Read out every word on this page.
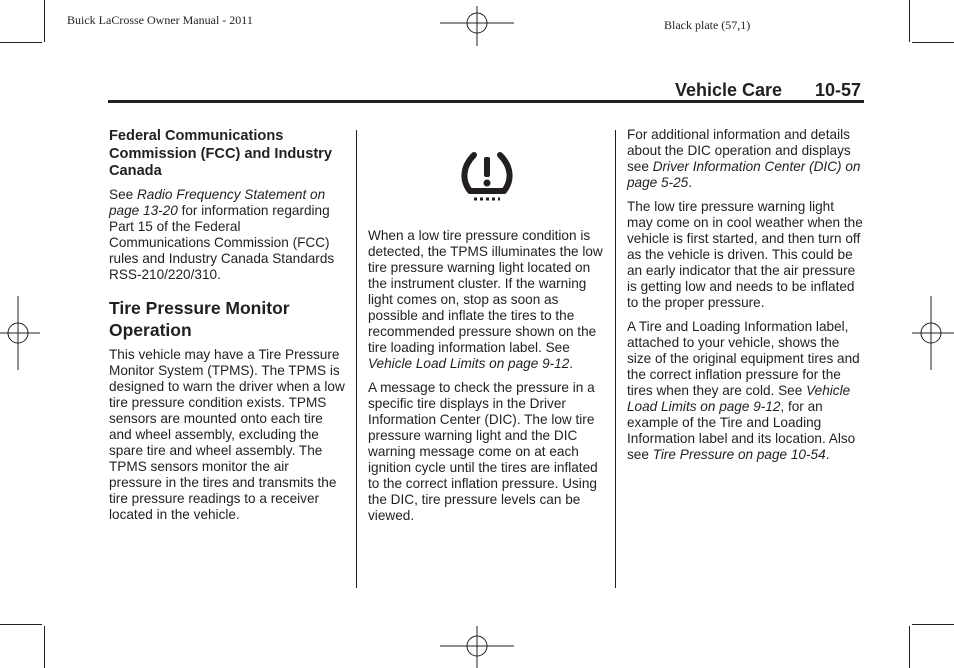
Buick LaCrosse Owner Manual - 2011	Black plate (57,1)
Vehicle Care 10-57
Federal Communications Commission (FCC) and Industry Canada

See Radio Frequency Statement on page 13-20 for information regarding Part 15 of the Federal Communications Commission (FCC) rules and Industry Canada Standards RSS-210/220/310.

Tire Pressure Monitor Operation

This vehicle may have a Tire Pressure Monitor System (TPMS). The TPMS is designed to warn the driver when a low tire pressure condition exists. TPMS sensors are mounted onto each tire and wheel assembly, excluding the spare tire and wheel assembly. The TPMS sensors monitor the air pressure in the tires and transmits the tire pressure readings to a receiver located in the vehicle.

When a low tire pressure condition is detected, the TPMS illuminates the low tire pressure warning light located on the instrument cluster. If the warning light comes on, stop as soon as possible and inflate the tires to the recommended pressure shown on the tire loading information label. See Vehicle Load Limits on page 9-12.

A message to check the pressure in a specific tire displays in the Driver Information Center (DIC). The low tire pressure warning light and the DIC warning message come on at each ignition cycle until the tires are inflated to the correct inflation pressure. Using the DIC, tire pressure levels can be viewed.

For additional information and details about the DIC operation and displays see Driver Information Center (DIC) on page 5-25.

The low tire pressure warning light may come on in cool weather when the vehicle is first started, and then turn off as the vehicle is driven. This could be an early indicator that the air pressure is getting low and needs to be inflated to the proper pressure.

A Tire and Loading Information label, attached to your vehicle, shows the size of the original equipment tires and the correct inflation pressure for the tires when they are cold. See Vehicle Load Limits on page 9-12, for an example of the Tire and Loading Information label and its location. Also see Tire Pressure on page 10-54.
